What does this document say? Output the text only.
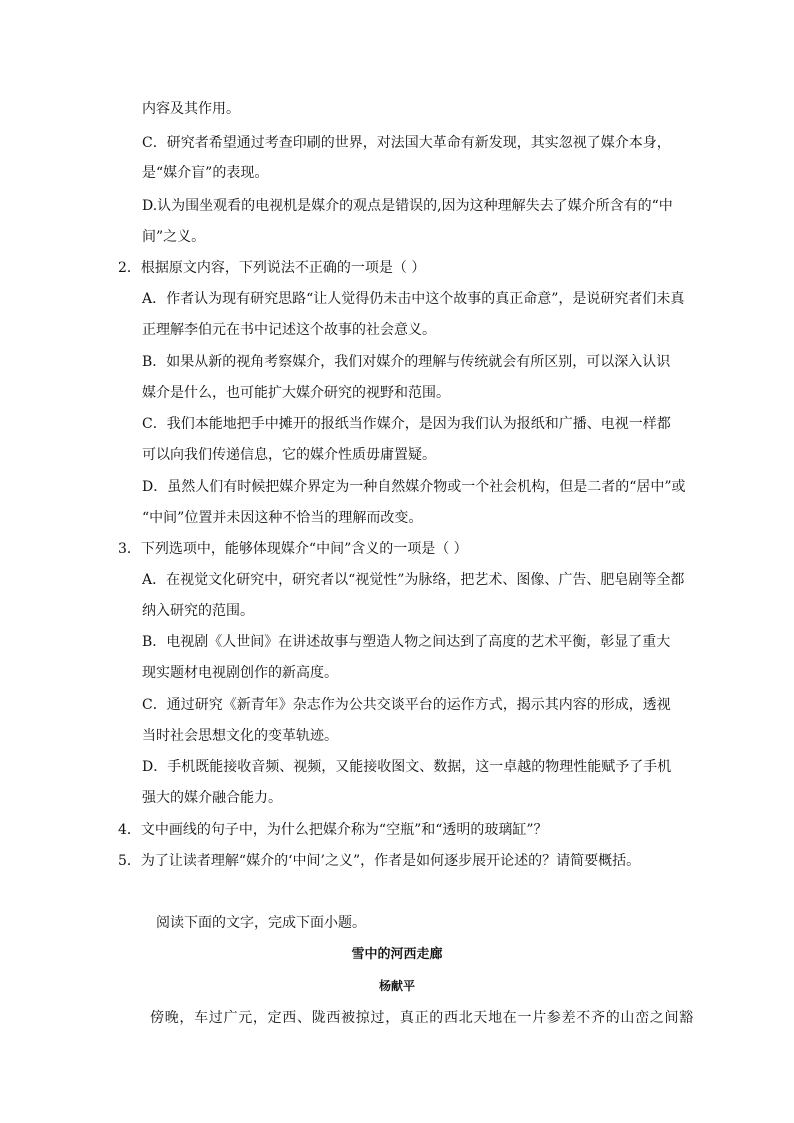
内容及其作用。
C．研究者希望通过考查印刷的世界，对法国大革命有新发现，其实忽视了媒介本身，
是“媒介盲”的表现。
D.认为围坐观看的电视机是媒介的观点是错误的,因为这种理解失去了媒介所含有的“中
间”之义。
2．根据原文内容，下列说法不正确的一项是（ ）
A．作者认为现有研究思路“让人觉得仍未击中这个故事的真正命意”，是说研究者们未真
正理解李伯元在书中记述这个故事的社会意义。
B．如果从新的视角考察媒介，我们对媒介的理解与传统就会有所区别，可以深入认识
媒介是什么，也可能扩大媒介研究的视野和范围。
C．我们本能地把手中摊开的报纸当作媒介，是因为我们认为报纸和广播、电视一样都
可以向我们传递信息，它的媒介性质毋庸置疑。
D．虽然人们有时候把媒介界定为一种自然媒介物或一个社会机构，但是二者的“居中”或
“中间”位置并未因这种不恰当的理解而改变。
3．下列选项中，能够体现媒介“中间”含义的一项是（ ）
A．在视觉文化研究中，研究者以“视觉性”为脉络，把艺术、图像、广告、肥皂剧等全都
纳入研究的范围。
B．电视剧《人世间》在讲述故事与塑造人物之间达到了高度的艺术平衡，彰显了重大
现实题材电视剧创作的新高度。
C．通过研究《新青年》杂志作为公共交谈平台的运作方式，揭示其内容的形成，透视
当时社会思想文化的变革轨迹。
D．手机既能接收音频、视频，又能接收图文、数据，这一卓越的物理性能赋予了手机
强大的媒介融合能力。
4．文中画线的句子中，为什么把媒介称为“空瓶”和“透明的玻璃缸”？
5．为了让读者理解“媒介的‘中间’之义”，作者是如何逐步展开论述的？请简要概括。
阅读下面的文字，完成下面小题。
雪中的河西走廊
杨献平
傍晚，车过广元，定西、陇西被掠过，真正的西北天地在一片参差不齐的山峦之间豁
